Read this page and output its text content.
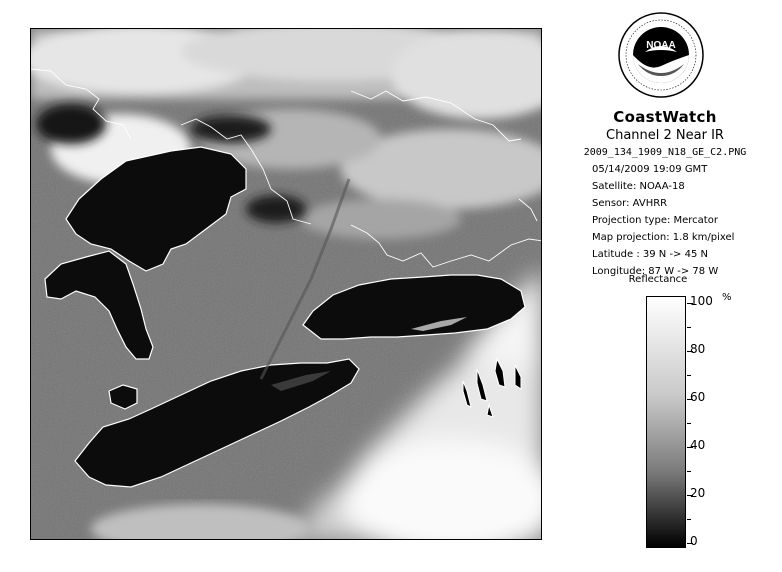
NOAA
CoastWatch
Channel 2 Near IR
2009_134_1909_N18_GE_C2.PNG
05/14/2009 19:09 GMT
Satellite: NOAA-18
Sensor: AVHRR
Projection type: Mercator
Map projection: 1.8 km/pixel
Latitude : 39 N -> 45 N
Longitude: 87 W -> 78 W
Reflectance
%
100
80
60
40
20
0
